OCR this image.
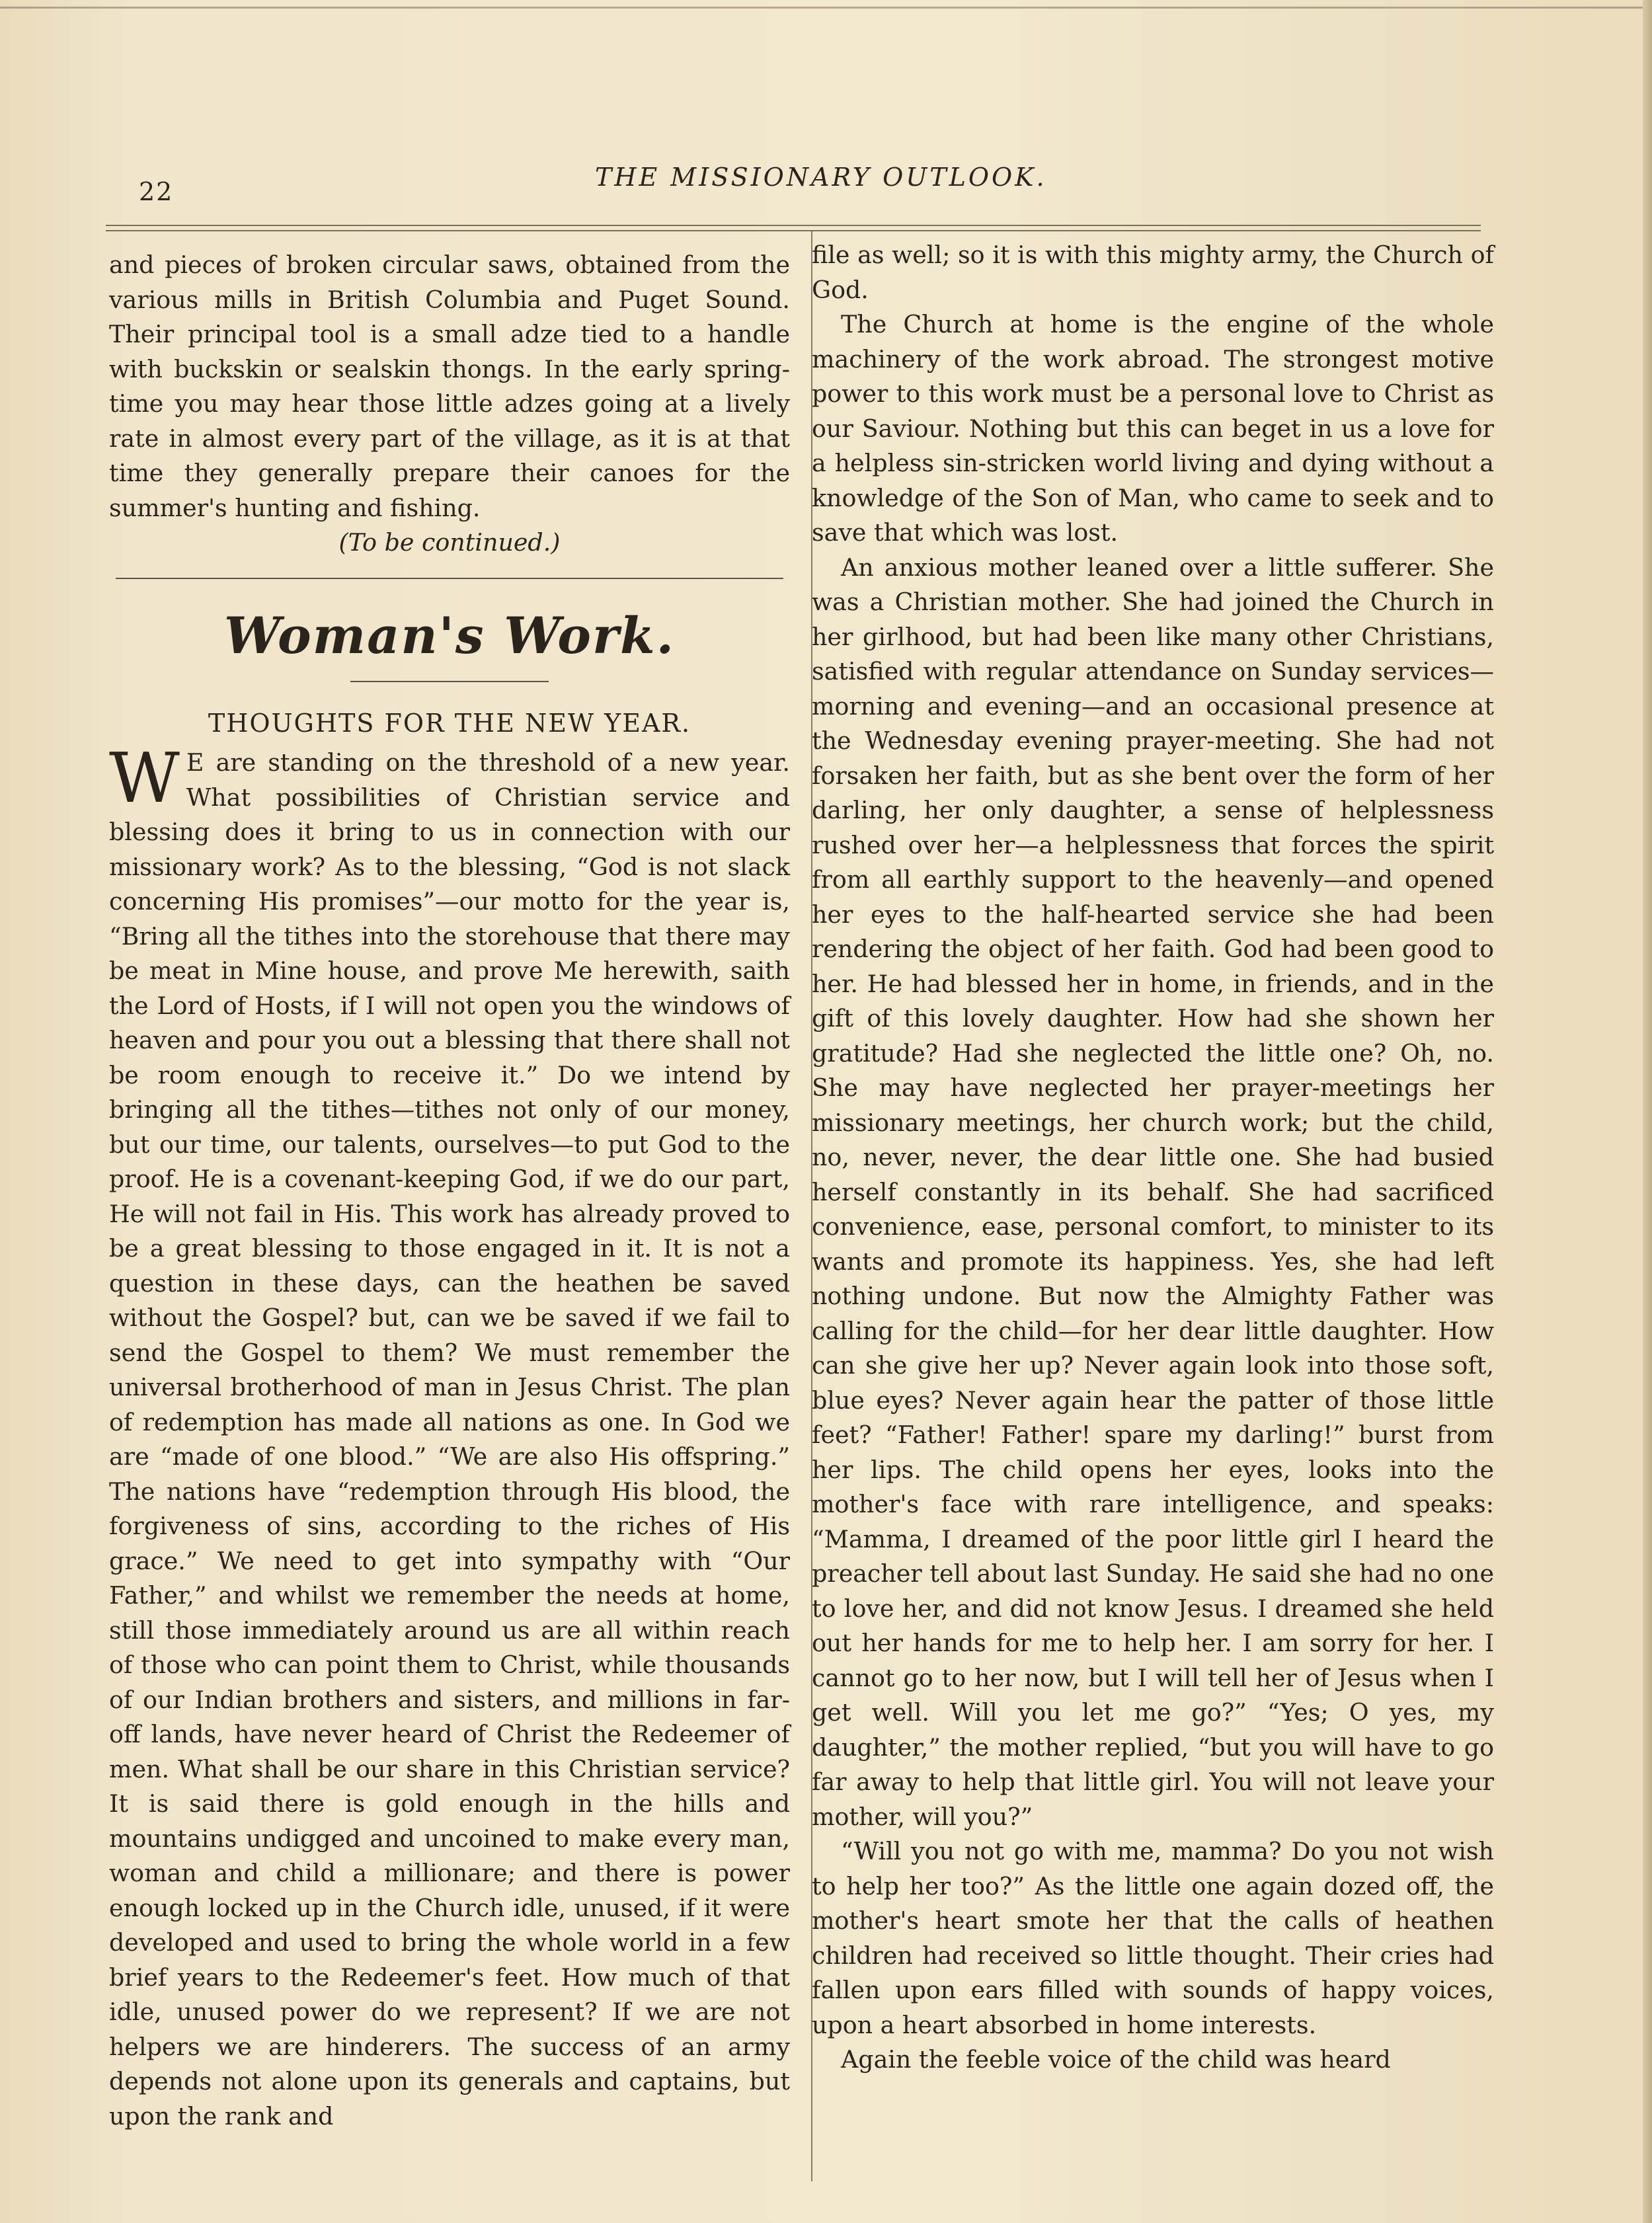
22	THE MISSIONARY OUTLOOK.

and pieces of broken circular saws, obtained from the various mills in British Columbia and Puget Sound. Their principal tool is a small adze tied to a handle with buckskin or sealskin thongs. In the early spring-time you may hear those little adzes going at a lively rate in almost every part of the village, as it is at that time they generally prepare their canoes for the summer's hunting and fishing.

(To be continued.)

Woman's Work.
THOUGHTS FOR THE NEW YEAR.

W E are standing on the threshold of a new year. What possibilities of Christian service and blessing does it bring to us in connection with our missionary work? As to the blessing, “God is not slack concerning His promises”—our motto for the year is, “Bring all the tithes into the storehouse that there may be meat in Mine house, and prove Me herewith, saith the Lord of Hosts, if I will not open you the windows of heaven and pour you out a blessing that there shall not be room enough to receive it.” Do we intend by bringing all the tithes—tithes not only of our money, but our time, our talents, ourselves—to put God to the proof. He is a covenant-keeping God, if we do our part, He will not fail in His. This work has already proved to be a great blessing to those engaged in it. It is not a question in these days, can the heathen be saved without the Gospel? but, can we be saved if we fail to send the Gospel to them? We must remember the universal brotherhood of man in Jesus Christ. The plan of redemption has made all nations as one. In God we are “made of one blood.” “We are also His offspring.” The nations have “redemption through His blood, the forgiveness of sins, according to the riches of His grace.” We need to get into sympathy with “Our Father,” and whilst we remember the needs at home, still those immediately around us are all within reach of those who can point them to Christ, while thousands of our Indian brothers and sisters, and millions in far-off lands, have never heard of Christ the Redeemer of men. What shall be our share in this Christian service? It is said there is gold enough in the hills and mountains undigged and uncoined to make every man, woman and child a millionare; and there is power enough locked up in the Church idle, unused, if it were developed and used to bring the whole world in a few brief years to the Redeemer's feet. How much of that idle, unused power do we represent? If we are not helpers we are hinderers. The success of an army depends not alone upon its generals and captains, but upon the rank and

file as well; so it is with this mighty army, the Church of God.

The Church at home is the engine of the whole machinery of the work abroad. The strongest motive power to this work must be a personal love to Christ as our Saviour. Nothing but this can beget in us a love for a helpless sin-stricken world living and dying without a knowledge of the Son of Man, who came to seek and to save that which was lost.

An anxious mother leaned over a little sufferer. She was a Christian mother. She had joined the Church in her girlhood, but had been like many other Christians, satisfied with regular attendance on Sunday services—morning and evening—and an occasional presence at the Wednesday evening prayer-meeting. She had not forsaken her faith, but as she bent over the form of her darling, her only daughter, a sense of helplessness rushed over her—a helplessness that forces the spirit from all earthly support to the heavenly—and opened her eyes to the half-hearted service she had been rendering the object of her faith. God had been good to her. He had blessed her in home, in friends, and in the gift of this lovely daughter. How had she shown her gratitude? Had she neglected the little one? Oh, no. She may have neglected her prayer-meetings her missionary meetings, her church work; but the child, no, never, never, the dear little one. She had busied herself constantly in its behalf. She had sacrificed convenience, ease, personal comfort, to minister to its wants and promote its happiness. Yes, she had left nothing undone. But now the Almighty Father was calling for the child—for her dear little daughter. How can she give her up? Never again look into those soft, blue eyes? Never again hear the patter of those little feet? “Father! Father! spare my darling!” burst from her lips. The child opens her eyes, looks into the mother's face with rare intelligence, and speaks: “Mamma, I dreamed of the poor little girl I heard the preacher tell about last Sunday. He said she had no one to love her, and did not know Jesus. I dreamed she held out her hands for me to help her. I am sorry for her. I cannot go to her now, but I will tell her of Jesus when I get well. Will you let me go?” “Yes; O yes, my daughter,” the mother replied, “but you will have to go far away to help that little girl. You will not leave your mother, will you?”

“Will you not go with me, mamma? Do you not wish to help her too?” As the little one again dozed off, the mother's heart smote her that the calls of heathen children had received so little thought. Their cries had fallen upon ears filled with sounds of happy voices, upon a heart absorbed in home interests.

Again the feeble voice of the child was heard
